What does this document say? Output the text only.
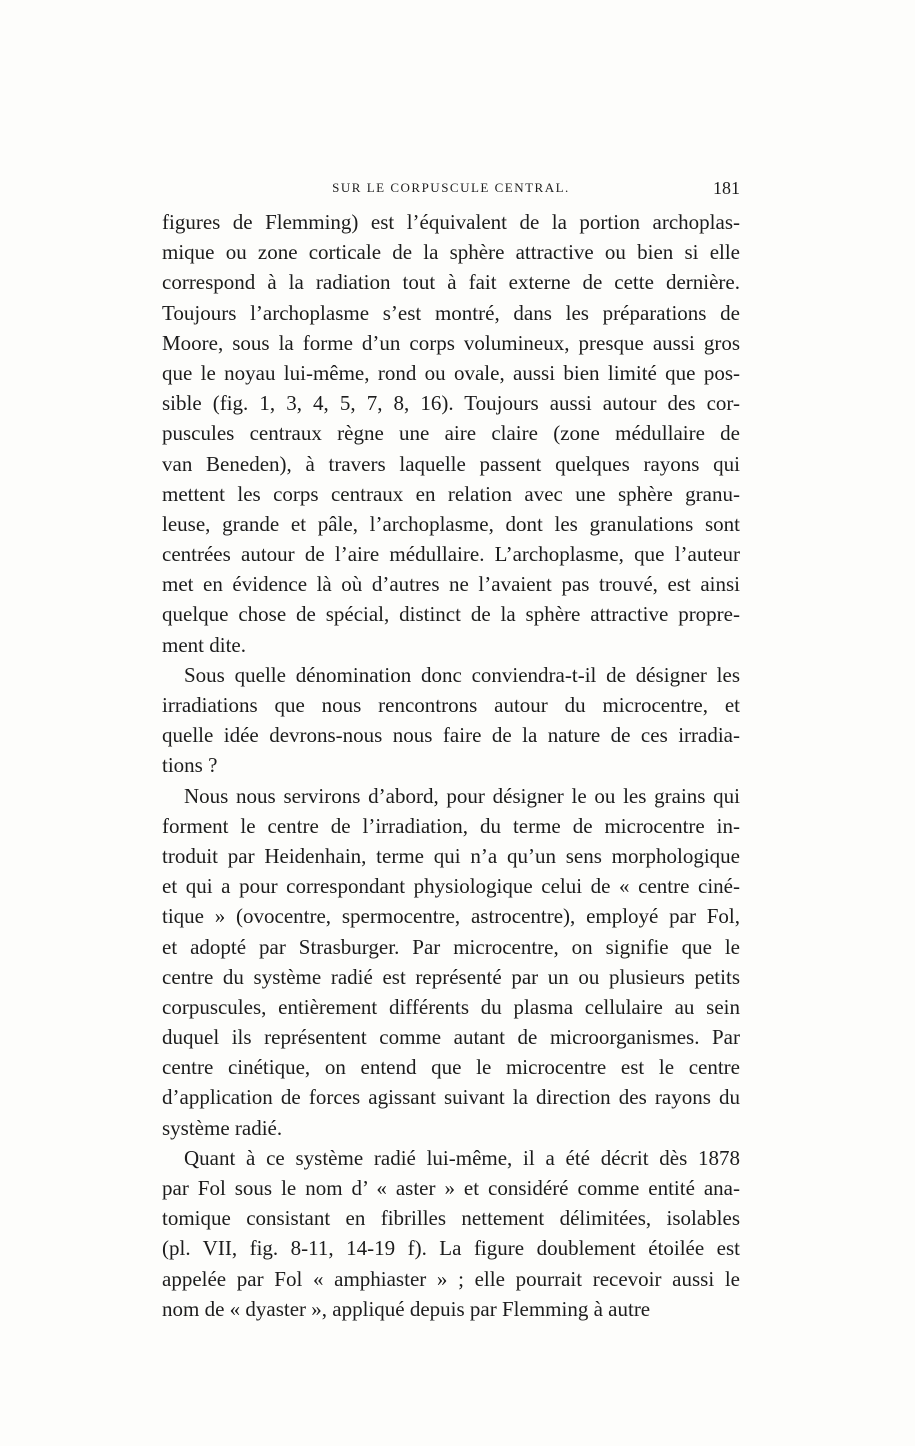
SUR LE CORPUSCULE CENTRAL.	181
figures de Flemming) est l’équivalent de la portion archoplas-
mique ou zone corticale de la sphère attractive ou bien si elle
correspond à la radiation tout à fait externe de cette dernière.
Toujours l’archoplasme s’est montré, dans les préparations de
Moore, sous la forme d’un corps volumineux, presque aussi gros
que le noyau lui-même, rond ou ovale, aussi bien limité que pos-
sible (fig. 1, 3, 4, 5, 7, 8, 16). Toujours aussi autour des cor-
puscules centraux règne une aire claire (zone médullaire de
van Beneden), à travers laquelle passent quelques rayons qui
mettent les corps centraux en relation avec une sphère granu-
leuse, grande et pâle, l’archoplasme, dont les granulations sont
centrées autour de l’aire médullaire. L’archoplasme, que l’auteur
met en évidence là où d’autres ne l’avaient pas trouvé, est ainsi
quelque chose de spécial, distinct de la sphère attractive propre-
ment dite.
Sous quelle dénomination donc conviendra-t-il de désigner les
irradiations que nous rencontrons autour du microcentre, et
quelle idée devrons-nous nous faire de la nature de ces irradia-
tions ?
Nous nous servirons d’abord, pour désigner le ou les grains qui
forment le centre de l’irradiation, du terme de microcentre in-
troduit par Heidenhain, terme qui n’a qu’un sens morphologique
et qui a pour correspondant physiologique celui de « centre ciné-
tique » (ovocentre, spermocentre, astrocentre), employé par Fol,
et adopté par Strasburger. Par microcentre, on signifie que le
centre du système radié est représenté par un ou plusieurs petits
corpuscules, entièrement différents du plasma cellulaire au sein
duquel ils représentent comme autant de microorganismes. Par
centre cinétique, on entend que le microcentre est le centre
d’application de forces agissant suivant la direction des rayons du
système radié.
Quant à ce système radié lui-même, il a été décrit dès 1878
par Fol sous le nom d’ « aster » et considéré comme entité ana-
tomique consistant en fibrilles nettement délimitées, isolables
(pl. VII, fig. 8-11, 14-19 f). La figure doublement étoilée est
appelée par Fol « amphiaster » ; elle pourrait recevoir aussi le
nom de « dyaster », appliqué depuis par Flemming à autre
